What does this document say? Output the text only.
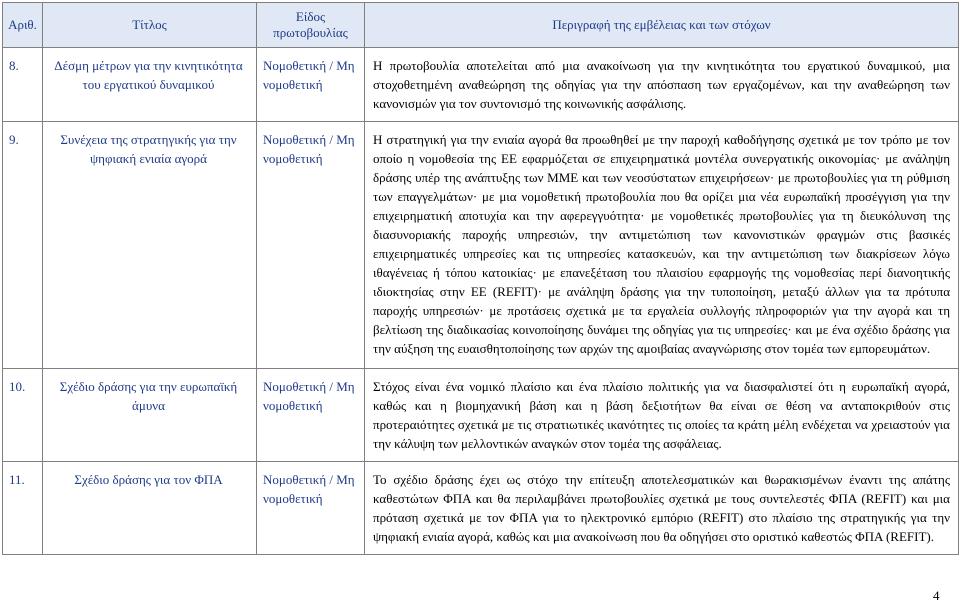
Αριθ.	Τίτλος	Είδος πρωτοβουλίας	Περιγραφή της εμβέλειας και των στόχων
8.	Δέσμη μέτρων για την κινητικότητα του εργατικού δυναμικού	Νομοθετική / Μη νομοθετική	Η πρωτοβουλία αποτελείται από μια ανακοίνωση για την κινητικότητα του εργατικού δυναμικού, μια στοχοθετημένη αναθεώρηση της οδηγίας για την απόσπαση των εργαζομένων, και την αναθεώρηση των κανονισμών για τον συντονισμό της κοινωνικής ασφάλισης.
9.	Συνέχεια της στρατηγικής για την ψηφιακή ενιαία αγορά	Νομοθετική / Μη νομοθετική	Η στρατηγική για την ενιαία αγορά θα προωθηθεί με την παροχή καθοδήγησης σχετικά με τον τρόπο με τον οποίο η νομοθεσία της ΕΕ εφαρμόζεται σε επιχειρηματικά μοντέλα συνεργατικής οικονομίας· με ανάληψη δράσης υπέρ της ανάπτυξης των ΜΜΕ και των νεοσύστατων επιχειρήσεων· με πρωτοβουλίες για τη ρύθμιση των επαγγελμάτων· με μια νομοθετική πρωτοβουλία που θα ορίζει μια νέα ευρωπαϊκή προσέγγιση για την επιχειρηματική αποτυχία και την αφερεγγυότητα· με νομοθετικές πρωτοβουλίες για τη διευκόλυνση της διασυνοριακής παροχής υπηρεσιών, την αντιμετώπιση των κανονιστικών φραγμών στις βασικές επιχειρηματικές υπηρεσίες και τις υπηρεσίες κατασκευών, και την αντιμετώπιση των διακρίσεων λόγω ιθαγένειας ή τόπου κατοικίας· με επανεξέταση του πλαισίου εφαρμογής της νομοθεσίας περί διανοητικής ιδιοκτησίας στην ΕΕ (REFIT)· με ανάληψη δράσης για την τυποποίηση, μεταξύ άλλων για τα πρότυπα παροχής υπηρεσιών· με προτάσεις σχετικά με τα εργαλεία συλλογής πληροφοριών για την αγορά και τη βελτίωση της διαδικασίας κοινοποίησης δυνάμει της οδηγίας για τις υπηρεσίες· και με ένα σχέδιο δράσης για την αύξηση της ευαισθητοποίησης των αρχών της αμοιβαίας αναγνώρισης στον τομέα των εμπορευμάτων.
10.	Σχέδιο δράσης για την ευρωπαϊκή άμυνα	Νομοθετική / Μη νομοθετική	Στόχος είναι ένα νομικό πλαίσιο και ένα πλαίσιο πολιτικής για να διασφαλιστεί ότι η ευρωπαϊκή αγορά, καθώς και η βιομηχανική βάση και η βάση δεξιοτήτων θα είναι σε θέση να ανταποκριθούν στις προτεραιότητες σχετικά με τις στρατιωτικές ικανότητες τις οποίες τα κράτη μέλη ενδέχεται να χρειαστούν για την κάλυψη των μελλοντικών αναγκών στον τομέα της ασφάλειας.
11.	Σχέδιο δράσης για τον ΦΠΑ	Νομοθετική / Μη νομοθετική	Το σχέδιο δράσης έχει ως στόχο την επίτευξη αποτελεσματικών και θωρακισμένων έναντι της απάτης καθεστώτων ΦΠΑ και θα περιλαμβάνει πρωτοβουλίες σχετικά με τους συντελεστές ΦΠΑ (REFIT) και μια πρόταση σχετικά με τον ΦΠΑ για το ηλεκτρονικό εμπόριο (REFIT) στο πλαίσιο της στρατηγικής για την ψηφιακή ενιαία αγορά, καθώς και μια ανακοίνωση που θα οδηγήσει στο οριστικό καθεστώς ΦΠΑ (REFIT).
4
